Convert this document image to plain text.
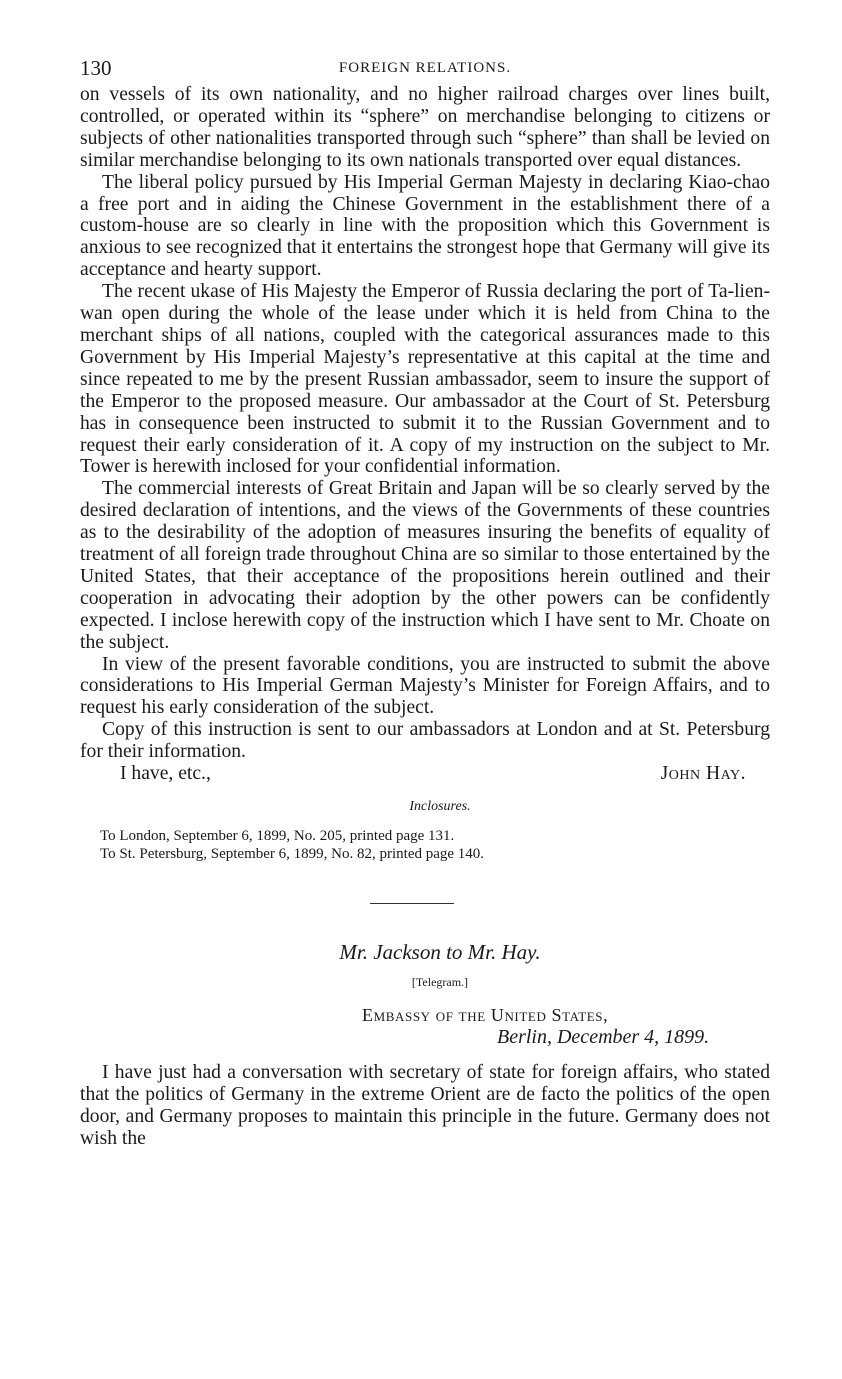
130	FOREIGN RELATIONS.

on vessels of its own nationality, and no higher railroad charges over lines built, controlled, or operated within its “sphere” on merchandise belonging to citizens or subjects of other nationalities transported through such “sphere” than shall be levied on similar merchandise belonging to its own nationals transported over equal distances.

The liberal policy pursued by His Imperial German Majesty in declaring Kiao-chao a free port and in aiding the Chinese Government in the establishment there of a custom-house are so clearly in line with the proposition which this Government is anxious to see recognized that it entertains the strongest hope that Germany will give its acceptance and hearty support.

The recent ukase of His Majesty the Emperor of Russia declaring the port of Ta-lien-wan open during the whole of the lease under which it is held from China to the merchant ships of all nations, coupled with the categorical assurances made to this Government by His Imperial Majesty’s representative at this capital at the time and since repeated to me by the present Russian ambassador, seem to insure the support of the Emperor to the proposed measure. Our ambassador at the Court of St. Petersburg has in consequence been instructed to submit it to the Russian Government and to request their early consideration of it. A copy of my instruction on the subject to Mr. Tower is herewith inclosed for your confidential information.

The commercial interests of Great Britain and Japan will be so clearly served by the desired declaration of intentions, and the views of the Governments of these countries as to the desirability of the adoption of measures insuring the benefits of equality of treatment of all foreign trade throughout China are so similar to those entertained by the United States, that their acceptance of the propositions herein outlined and their cooperation in advocating their adoption by the other powers can be confidently expected. I inclose herewith copy of the instruction which I have sent to Mr. Choate on the subject.

In view of the present favorable conditions, you are instructed to submit the above considerations to His Imperial German Majesty’s Minister for Foreign Affairs, and to request his early consideration of the subject.

Copy of this instruction is sent to our ambassadors at London and at St. Petersburg for their information.

I have, etc.,	John Hay.
Inclosures.
To London, September 6, 1899, No. 205, printed page 131.
To St. Petersburg, September 6, 1899, No. 82, printed page 140.
Mr. Jackson to Mr. Hay.
[Telegram.]
Embassy of the United States,
Berlin, December 4, 1899.

I have just had a conversation with secretary of state for foreign affairs, who stated that the politics of Germany in the extreme Orient are de facto the politics of the open door, and Germany proposes to maintain this principle in the future. Germany does not wish the
